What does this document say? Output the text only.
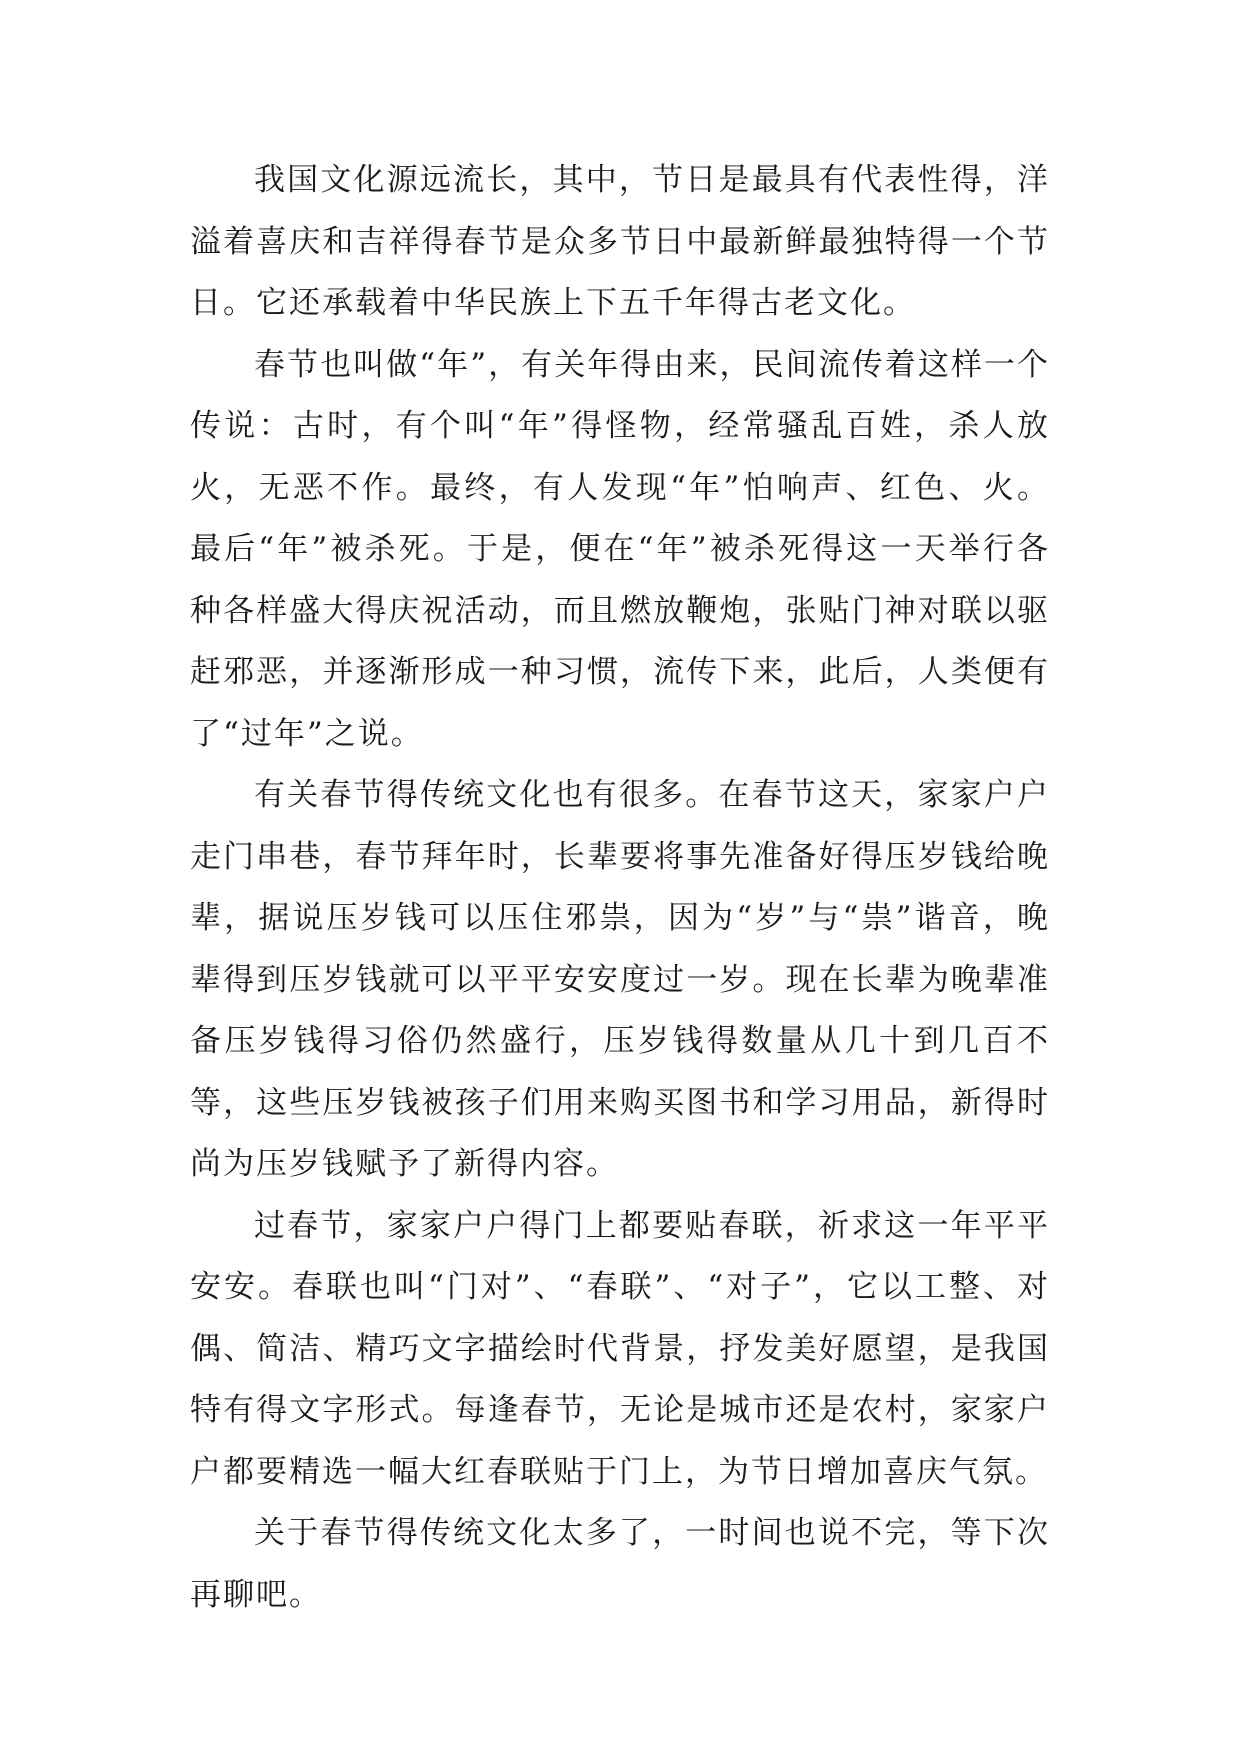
我国文化源远流长，其中，节日是最具有代表性得，洋溢着喜庆和吉祥得春节是众多节日中最新鲜最独特得一个节日。它还承载着中华民族上下五千年得古老文化。

春节也叫做“年”，有关年得由来，民间流传着这样一个传说：古时，有个叫“年”得怪物，经常骚乱百姓，杀人放火，无恶不作。最终，有人发现“年”怕响声、红色、火。最后“年”被杀死。于是，便在“年”被杀死得这一天举行各种各样盛大得庆祝活动，而且燃放鞭炮，张贴门神对联以驱赶邪恶，并逐渐形成一种习惯，流传下来，此后，人类便有了“过年”之说。

有关春节得传统文化也有很多。在春节这天，家家户户走门串巷，春节拜年时，长辈要将事先准备好得压岁钱给晚辈，据说压岁钱可以压住邪祟，因为“岁”与“祟”谐音，晚辈得到压岁钱就可以平平安安度过一岁。现在长辈为晚辈准备压岁钱得习俗仍然盛行，压岁钱得数量从几十到几百不等，这些压岁钱被孩子们用来购买图书和学习用品，新得时尚为压岁钱赋予了新得内容。

过春节，家家户户得门上都要贴春联，祈求这一年平平安安。春联也叫“门对”、“春联”、“对子”，它以工整、对偶、简洁、精巧文字描绘时代背景，抒发美好愿望，是我国特有得文字形式。每逢春节，无论是城市还是农村，家家户户都要精选一幅大红春联贴于门上，为节日增加喜庆气氛。

关于春节得传统文化太多了，一时间也说不完，等下次再聊吧。
